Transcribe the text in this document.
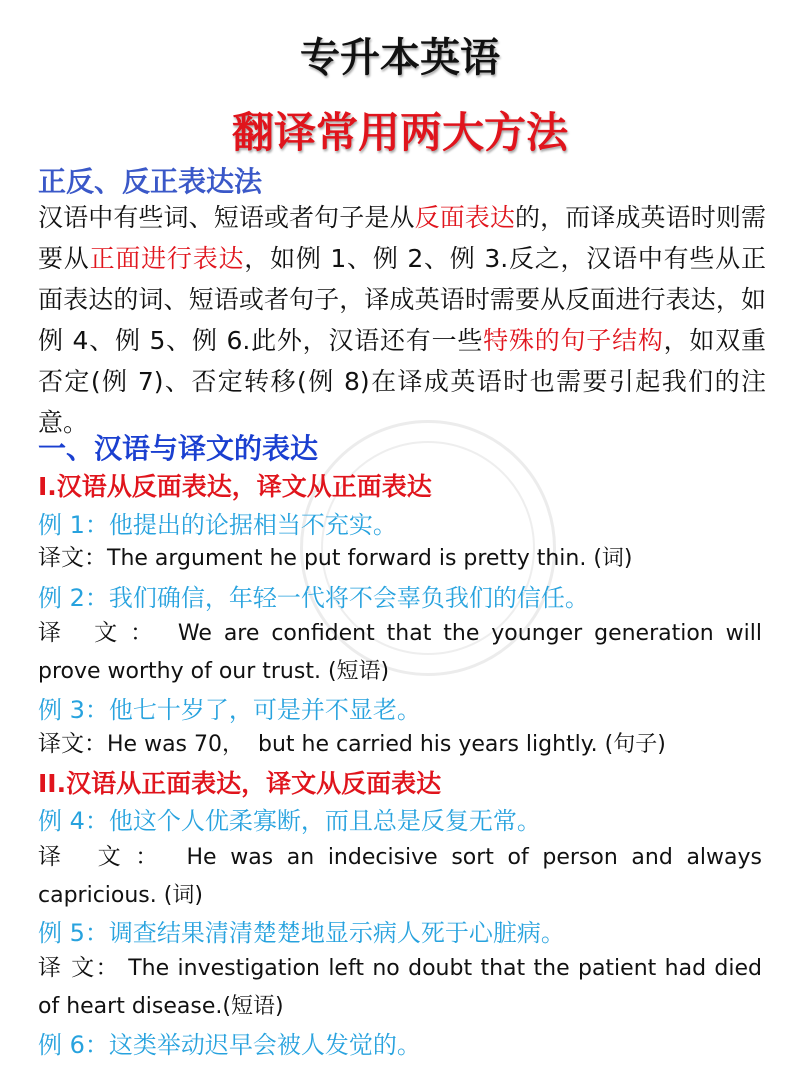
专升本英语
翻译常用两大方法
正反、反正表达法

汉语中有些词、短语或者句子是从反面表达的，而译成英语时则需要从正面进行表达，如例 1、例 2、例 3.反之，汉语中有些从正面表达的词、短语或者句子，译成英语时需要从反面进行表达，如例 4、例 5、例 6.此外，汉语还有一些特殊的句子结构，如双重否定(例 7)、否定转移(例 8)在译成英语时也需要引起我们的注意。

一、汉语与译文的表达
I.汉语从反面表达，译文从正面表达

例 1：他提出的论据相当不充实。

译文：The argument he put forward is pretty thin. (词)

例 2：我们确信，年轻一代将不会辜负我们的信任。

译 文： We are confident that the younger generation will prove worthy of our trust. (短语)

例 3：他七十岁了，可是并不显老。

译文：He was 70，  but he carried his years lightly. (句子)

II.汉语从正面表达，译文从反面表达

例 4：他这个人优柔寡断，而且总是反复无常。

译 文： He was an indecisive sort of person and always capricious. (词)

例 5：调查结果清清楚楚地显示病人死于心脏病。

译 文： The investigation left no doubt that the patient had died of heart disease.(短语)

例 6：这类举动迟早会被人发觉的。
